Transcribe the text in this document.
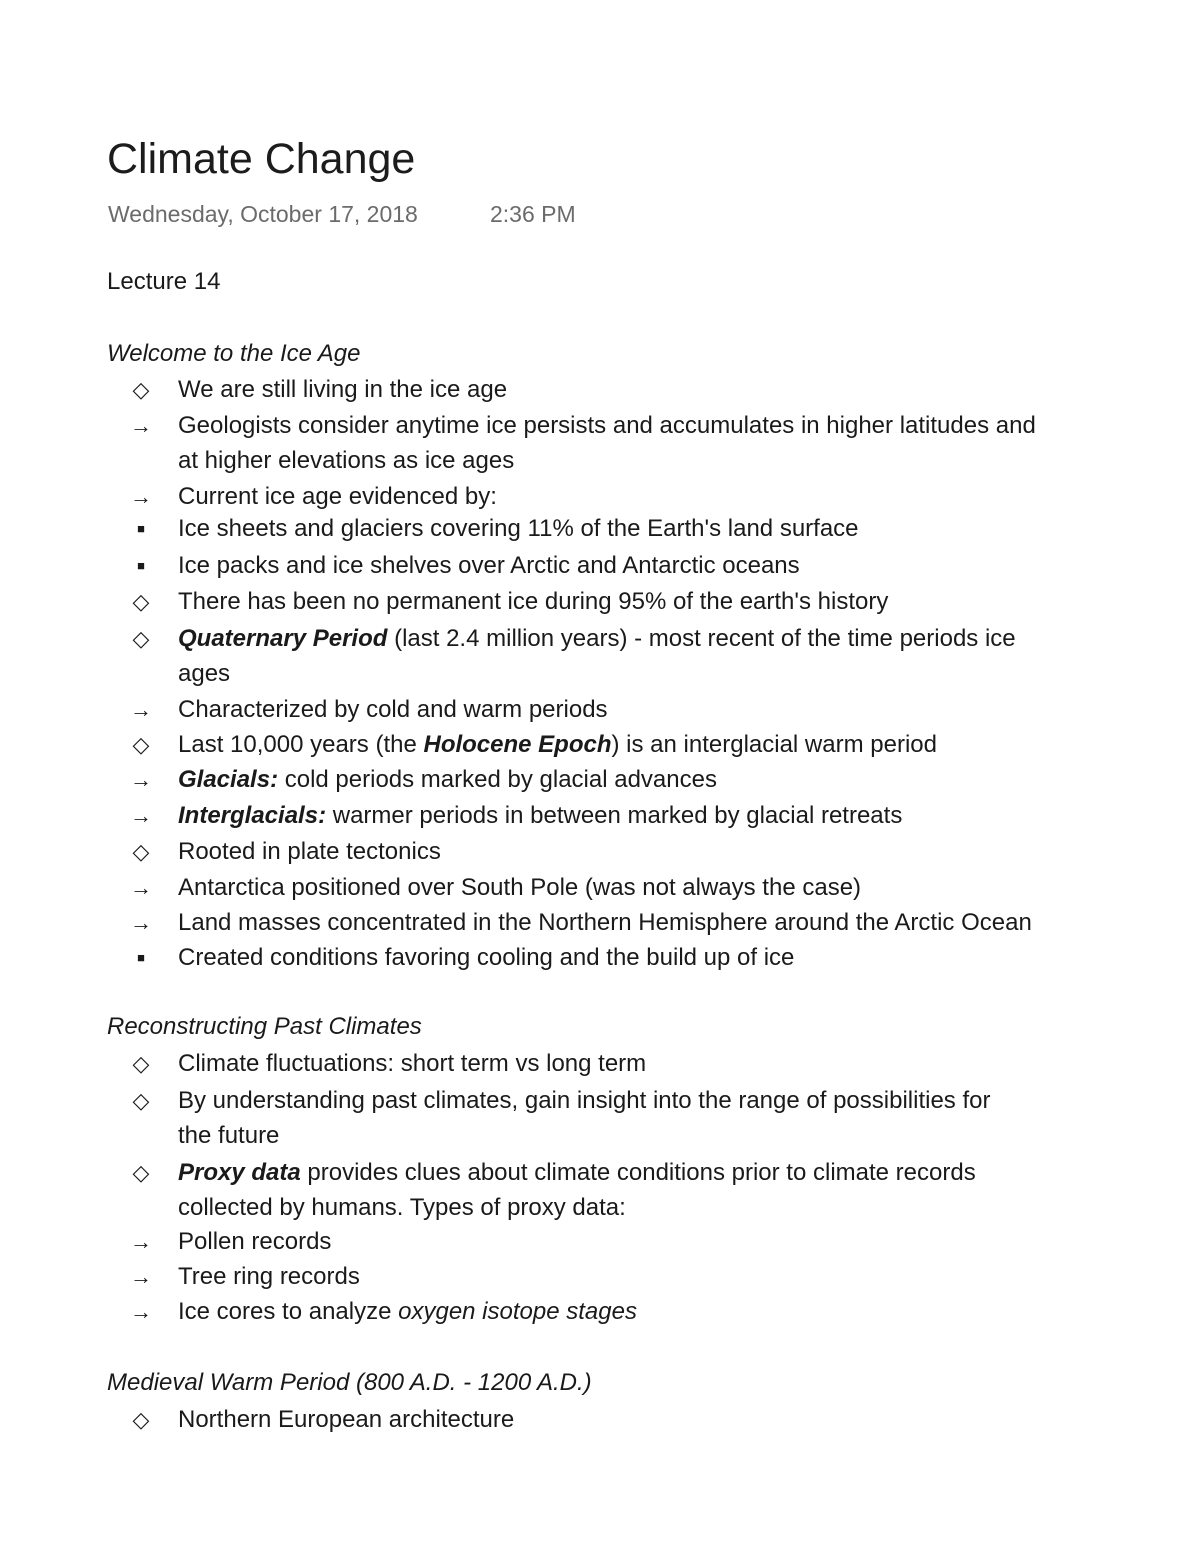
Climate Change
Wednesday, October 17, 2018	2:36 PM
Lecture 14
Welcome to the Ice Age
◇	We are still living in the ice age
→	Geologists consider anytime ice persists and accumulates in higher latitudes and
at higher elevations as ice ages
→	Current ice age evidenced by:
■	Ice sheets and glaciers covering 11% of the Earth's land surface
■	Ice packs and ice shelves over Arctic and Antarctic oceans
◇	There has been no permanent ice during 95% of the earth's history
◇	Quaternary Period (last 2.4 million years) - most recent of the time periods ice
ages
→	Characterized by cold and warm periods
◇	Last 10,000 years (the Holocene Epoch) is an interglacial warm period
→	Glacials: cold periods marked by glacial advances
→	Interglacials: warmer periods in between marked by glacial retreats
◇	Rooted in plate tectonics
→	Antarctica positioned over South Pole (was not always the case)
→	Land masses concentrated in the Northern Hemisphere around the Arctic Ocean
■	Created conditions favoring cooling and the build up of ice
Reconstructing Past Climates
◇	Climate fluctuations: short term vs long term
◇	By understanding past climates, gain insight into the range of possibilities for
the future
◇	Proxy data provides clues about climate conditions prior to climate records
collected by humans. Types of proxy data:
→	Pollen records
→	Tree ring records
→	Ice cores to analyze oxygen isotope stages
Medieval Warm Period (800 A.D. - 1200 A.D.)
◇	Northern European architecture
